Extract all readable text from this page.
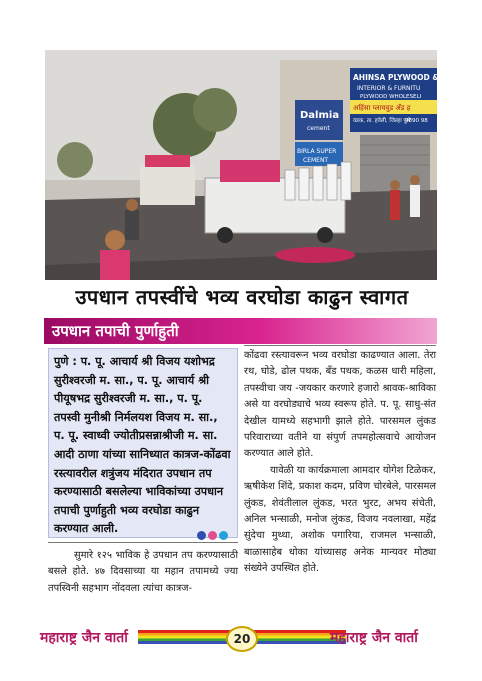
Dalmia
cement
BIRLA SUPER
CEMENT
AHINSA PLYWOOD & HARD
INTERIOR & FURNITU
PLYWOOD WHOLESELI
अहिंसा प्लायवुड अँड ह
वडक, ता. हवेली, जिल्हा पुणे
9890 98
उपधान तपस्वींचे भव्य वरघोडा काढुन स्वागत
उपधान तपाची पुर्णाहुती
पुणे : प. पू. आचार्य श्री विजय यशोभद्र सुरीश्वरजी म. सा., प. पू. आचार्य श्री पीयूषभद्र सुरीश्वरजी म. सा., प. पू. तपस्वी मुनीश्री निर्मलयश विजय म. सा., प. पू. स्वाध्वी ज्योतीप्रसन्नाश्रीजी म. सा. आदी ठाणा यांच्या सानिध्यात कात्रज-कोंढवा रस्त्यावरील शत्रुंजय मंदिरात उपधान तप करण्यासाठी बसलेल्या भाविकांच्या उपधान तपाची पुर्णाहुती भव्य वरघोडा काढुन करण्यात आली.
सुमारे १२५ भाविक हे उपधान तप करण्यासाठी बसले होते. ४७ दिवसाच्या या महान तपामध्ये ज्या तपस्विनी सहभाग नोंदवला त्यांचा कात्रज-

कोंढवा रस्त्यावरून भव्य वरघोडा काढण्यात आला. तेरा रथ, घोडे, ढोल पथक, बँड पथक, कळस धारी महिला, तपस्वीचा जय -जयकार करणारे हजारो श्रावक-श्राविका असे या वरघोड्याचे भव्य स्वरूप होते. प. पू. साधु-संत देखील यामध्ये सहभागी झाले होते. पारसमल लुंकड परिवाराच्या वतीने या संपुर्ण तपमहोत्सवाचे आयोजन करण्यात आले होते.

यावेळी या कार्यक्रमाला आमदार योगेश टिळेकर, ऋषीकेश शिंदे, प्रकाश कदम, प्रविण चोरबेले, पारसमल लुंकड, शेवंतीलाल लुंकड, भरत भुरट, अभय संचेती, अनिल भन्साळी, मनोज लुंकड, विजय नवलाखा, महेंद्र सुंदेचा मुथ्था, अशोक पगारिया, राजमल भन्साळी, बाळासाहेब धोका यांच्यासह अनेक मान्यवर मोठ्या संख्येने उपस्थित होते.

महाराष्ट्र जैन वार्ता	20	महाराष्ट्र जैन वार्ता
